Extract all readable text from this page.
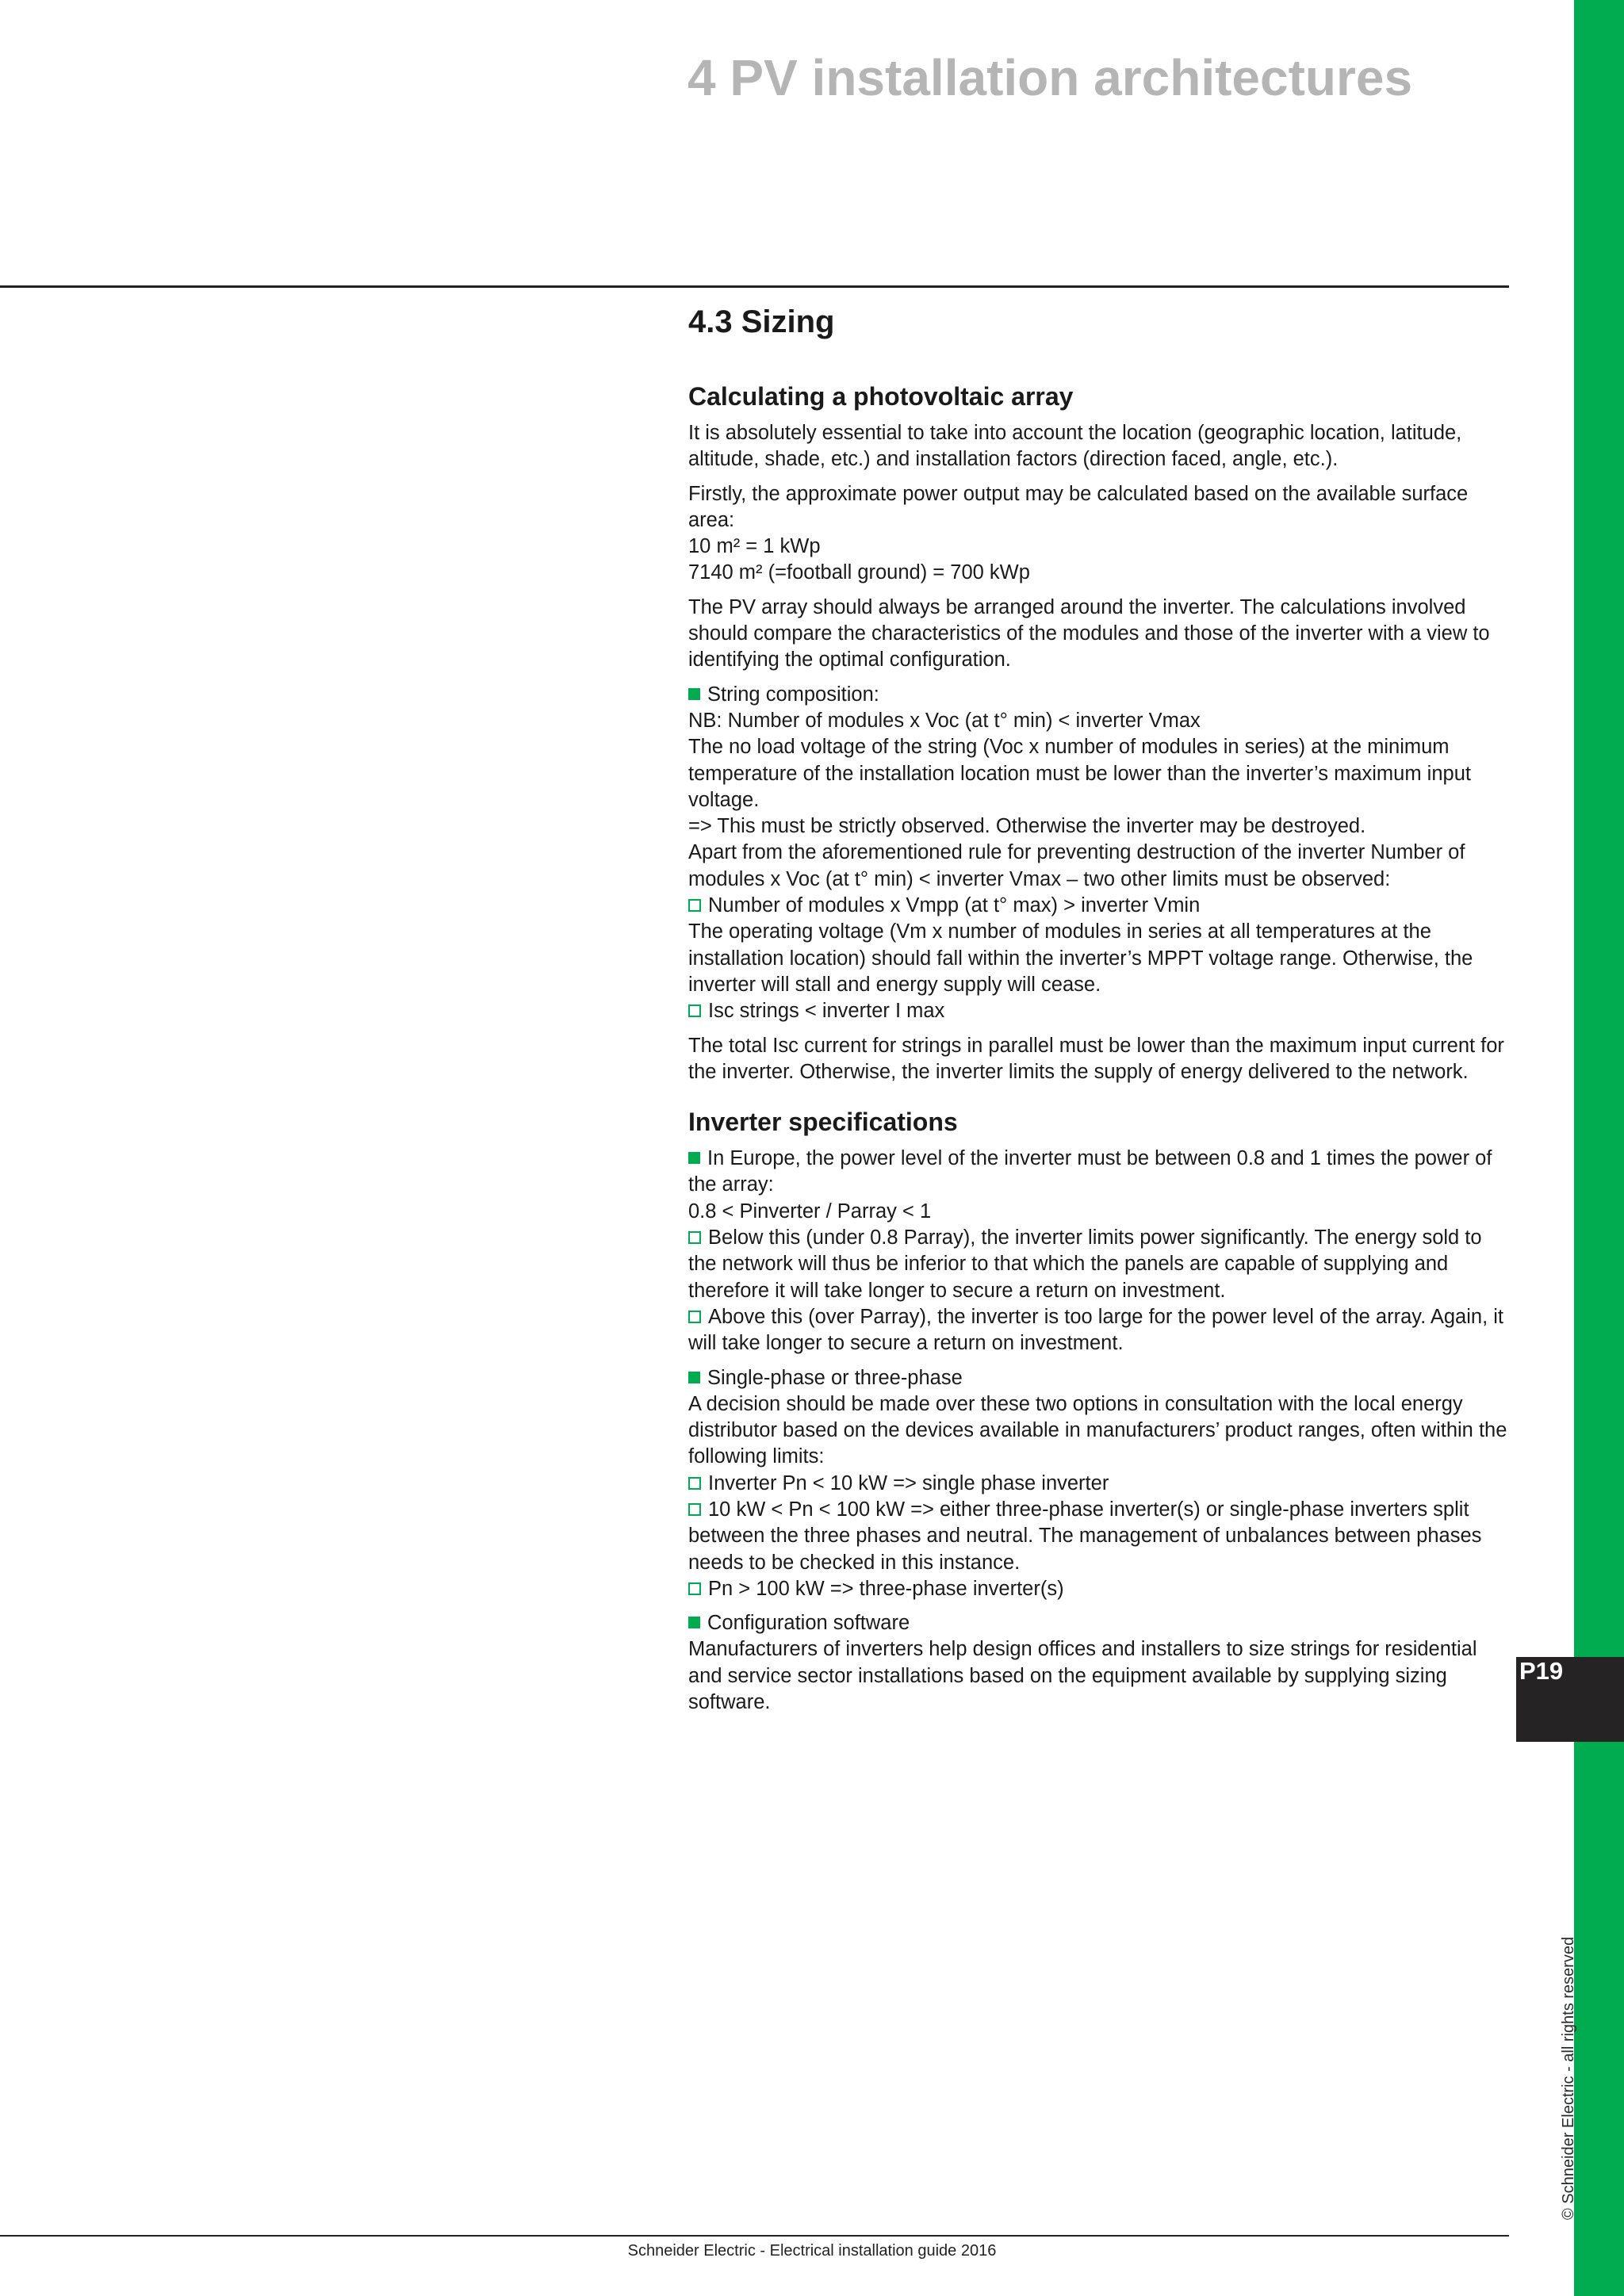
P19
© Schneider Electric - all rights reserved
4 PV installation architectures
4.3 Sizing
Calculating a photovoltaic array

It is absolutely essential to take into account the location (geographic location, latitude, altitude, shade, etc.) and installation factors (direction faced, angle, etc.).

Firstly, the approximate power output may be calculated based on the available surface area:
10 m² = 1 kWp
7140 m² (=football ground) = 700 kWp

The PV array should always be arranged around the inverter. The calculations involved should compare the characteristics of the modules and those of the inverter with a view to identifying the optimal configuration.

String composition:
NB: Number of modules x Voc (at t° min) < inverter Vmax
The no load voltage of the string (Voc x number of modules in series) at the minimum temperature of the installation location must be lower than the inverter’s maximum input voltage.
=> This must be strictly observed. Otherwise the inverter may be destroyed.
Apart from the aforementioned rule for preventing destruction of the inverter Number of modules x Voc (at t° min) < inverter Vmax – two other limits must be observed:
Number of modules x Vmpp (at t° max) > inverter Vmin
The operating voltage (Vm x number of modules in series at all temperatures at the installation location) should fall within the inverter’s MPPT voltage range. Otherwise, the inverter will stall and energy supply will cease.
Isc strings < inverter I max

The total Isc current for strings in parallel must be lower than the maximum input current for the inverter. Otherwise, the inverter limits the supply of energy delivered to the network.

Inverter specifications

In Europe, the power level of the inverter must be between 0.8 and 1 times the power of the array:
0.8 < Pinverter / Parray < 1
Below this (under 0.8 Parray), the inverter limits power significantly. The energy sold to the network will thus be inferior to that which the panels are capable of supplying and therefore it will take longer to secure a return on investment.
Above this (over Parray), the inverter is too large for the power level of the array. Again, it will take longer to secure a return on investment.

Single-phase or three-phase
A decision should be made over these two options in consultation with the local energy distributor based on the devices available in manufacturers’ product ranges, often within the following limits:
Inverter Pn < 10 kW => single phase inverter
10 kW < Pn < 100 kW => either three-phase inverter(s) or single-phase inverters split between the three phases and neutral. The management of unbalances between phases needs to be checked in this instance.
Pn > 100 kW => three-phase inverter(s)

Configuration software
Manufacturers of inverters help design offices and installers to size strings for residential and service sector installations based on the equipment available by supplying sizing software.

Schneider Electric - Electrical installation guide 2016
